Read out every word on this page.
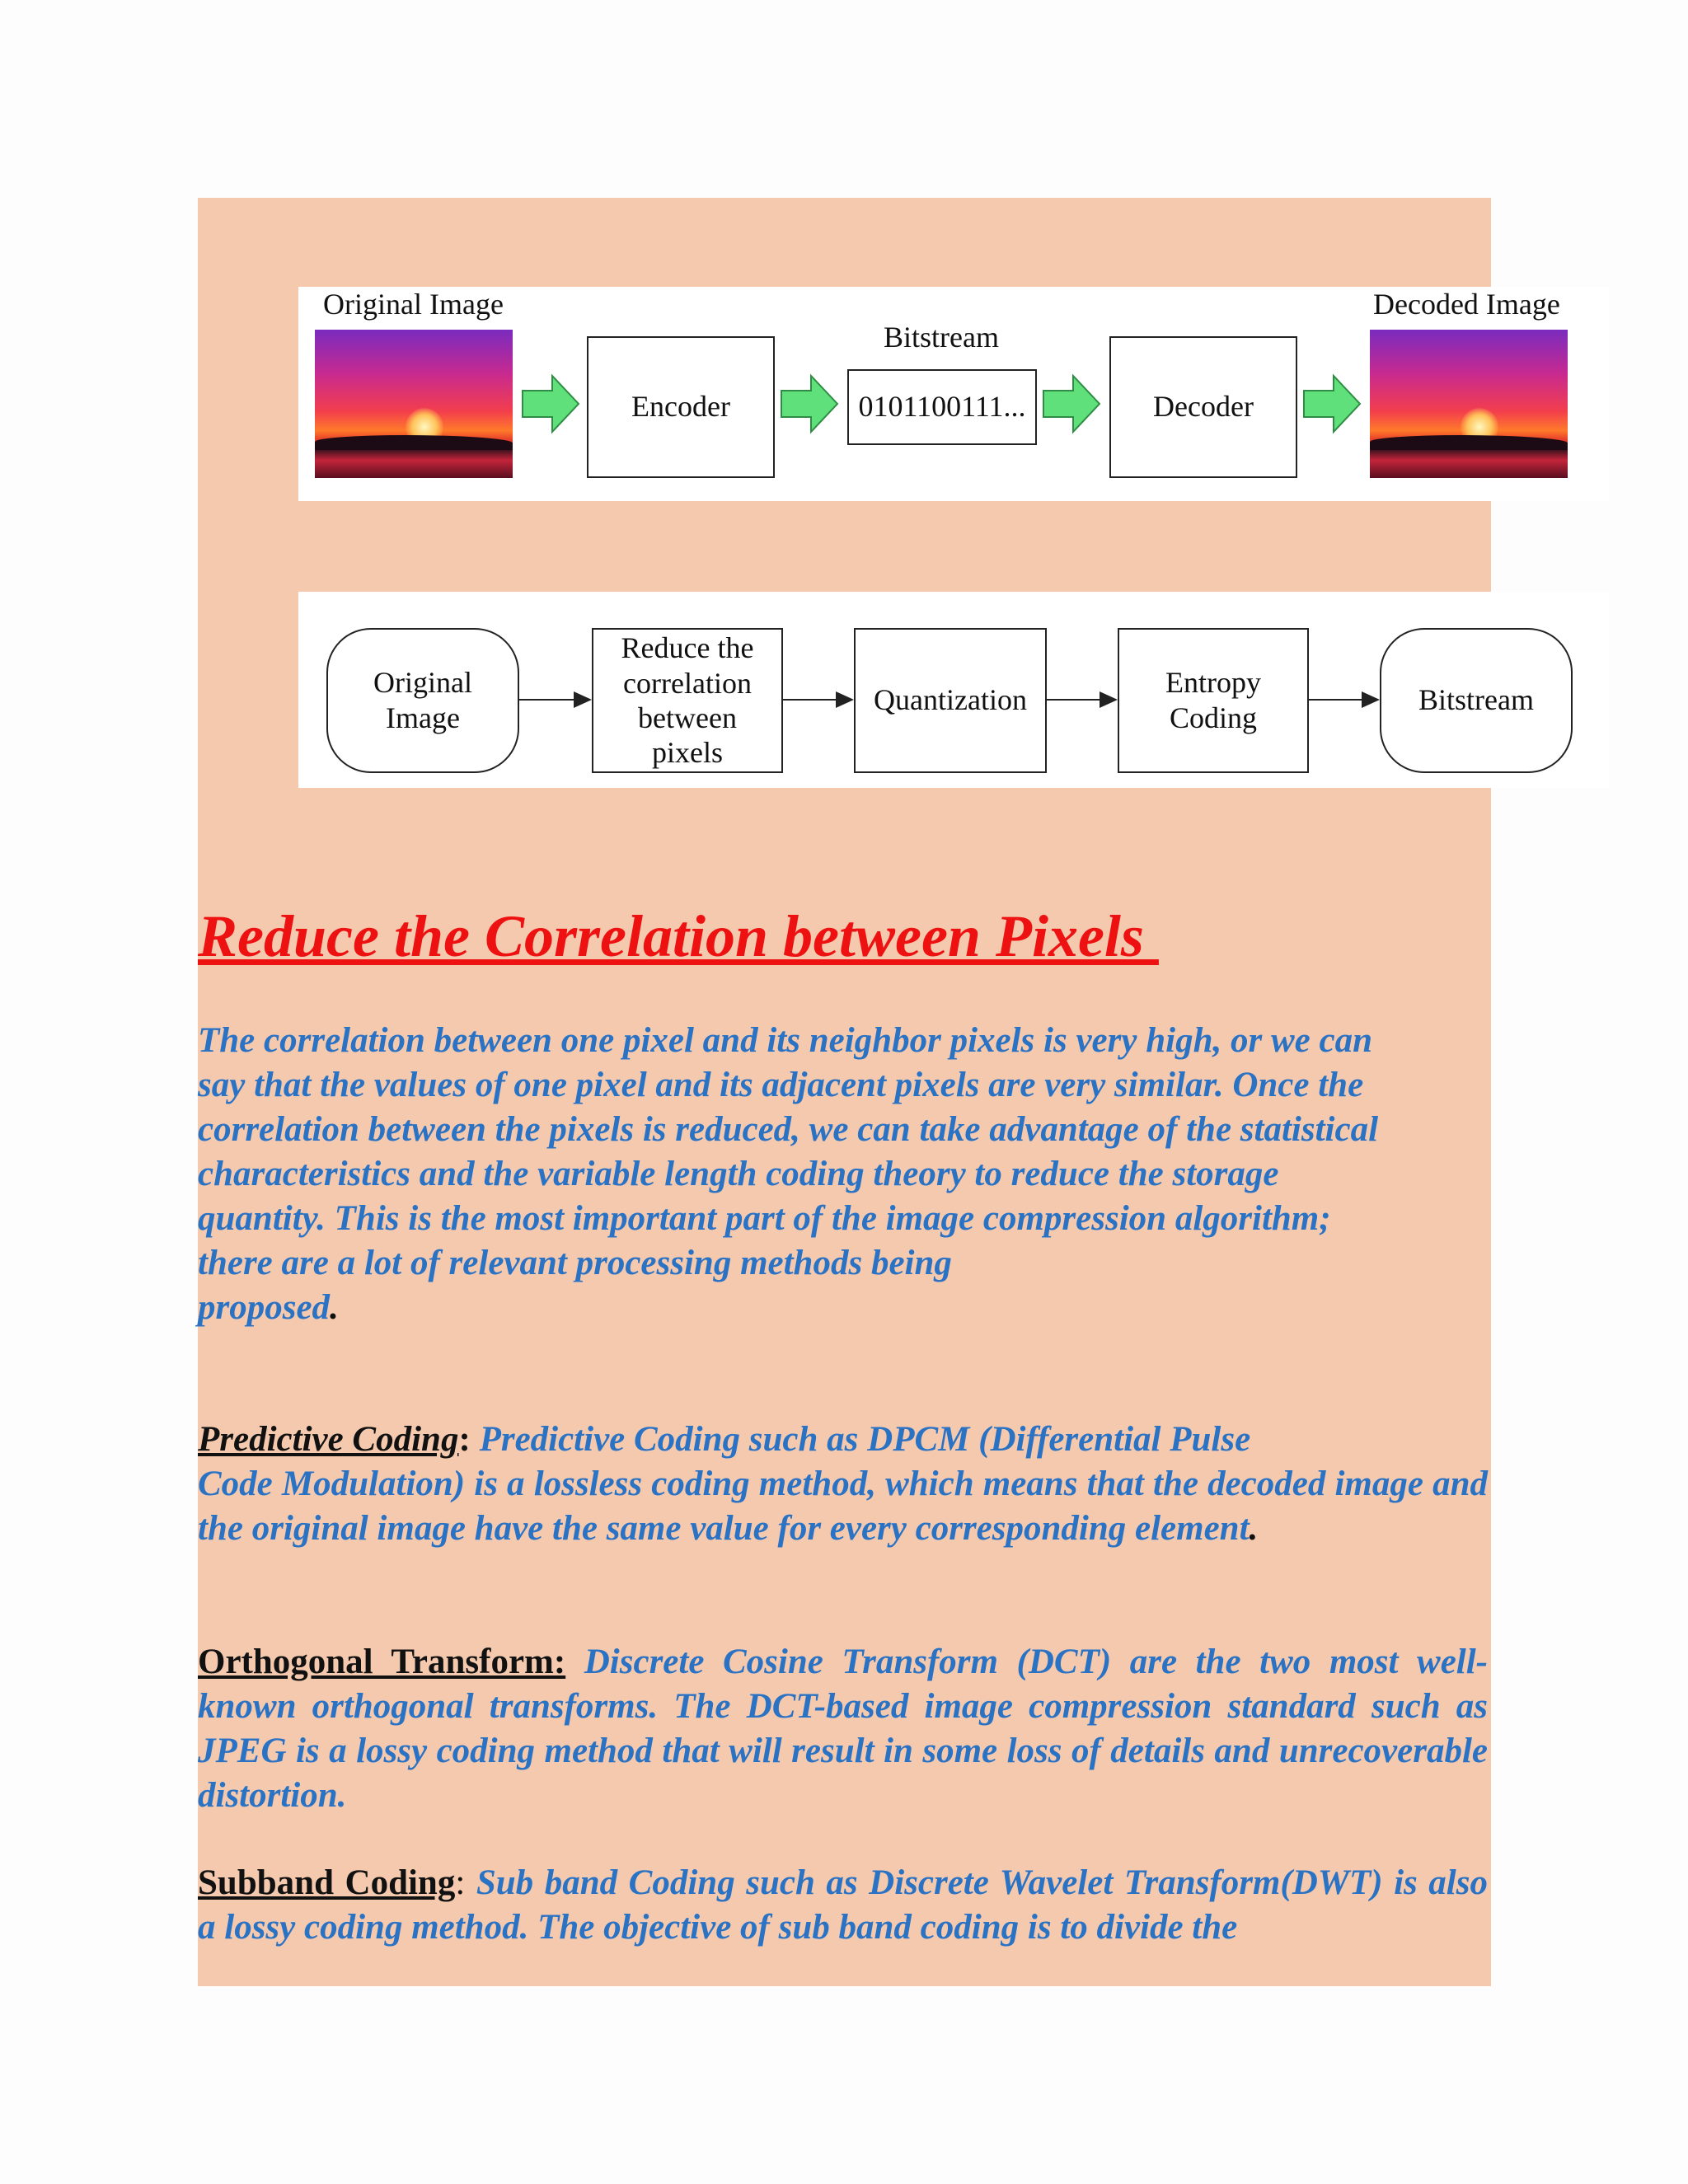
Original Image
Encoder
Bitstream
0101100111...	Decoder
Decoded Image
Original
Image
Reduce the
correlation
between
pixels
Quantization
Entropy
Coding
Bitstream
Reduce the Correlation between Pixels

The correlation between one pixel and its neighbor pixels is very high, or we can
say that the values of one pixel and its adjacent pixels are very similar. Once the
correlation between the pixels is reduced, we can take advantage of the statistical
characteristics and the variable length coding theory to reduce the storage
quantity. This is the most important part of the image compression algorithm;
there are a lot of relevant processing methods being
proposed.

Predictive Coding: Predictive Coding such as DPCM (Differential Pulse

Code Modulation) is a lossless coding method, which means that the decoded image and the original image have the same value for every corresponding element.

Orthogonal Transform: Discrete Cosine Transform (DCT) are the two most well-known orthogonal transforms. The DCT-based image compression standard such as JPEG is a lossy coding method that will result in some loss of details and unrecoverable distortion.

Subband Coding: Sub band Coding such as Discrete Wavelet Transform(DWT) is also a lossy coding method. The objective of sub band coding is to divide the
